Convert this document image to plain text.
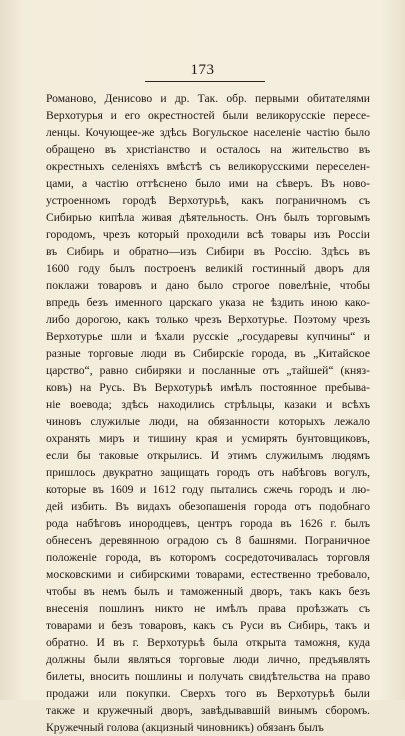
173
Романово, Денисово и др. Так. обр. первыми обитателями
Верхотурья и его окрестностей были великорусскіе пересе-
ленцы. Кочующее-же здѣсь Вогульское населеніе частію было
обращено въ христіанство и осталось на жительство въ
окрестныхъ селеніяхъ вмѣстѣ съ великорусскими переселен-
цами, а частію оттѣснено было ими на сѣверъ. Въ ново-
устроенномъ городѣ Верхотурьѣ, какъ пограничномъ съ
Сибирью кипѣла живая дѣятельность. Онъ былъ торговымъ
городомъ, чрезъ который проходили всѣ товары изъ Россіи
въ Сибирь и обратно—изъ Сибири въ Россію. Здѣсь въ
1600 году былъ построенъ великій гостинный дворъ для
поклажи товаровъ и дано было строгое повелѣніе, чтобы
впредь безъ именного царскаго указа не ѣздить иною како-
либо дорогою, какъ только чрезъ Верхотурье. Поэтому чрезъ
Верхотурье шли и ѣхали русскіе „государевы купчины“ и
разные торговые люди въ Сибирскіе города, въ „Китайское
царство“, равно сибиряки и посланные отъ „тайшей“ (княз-
ковъ) на Русь. Въ Верхотурьѣ имѣлъ постоянное пребыва-
ніе воевода; здѣсь находились стрѣльцы, казаки и всѣхъ
чиновъ служилые люди, на обязанности которыхъ лежало
охранять миръ и тишину края и усмирять бунтовщиковъ,
если бы таковые открылись. И этимъ служилымъ людямъ
пришлось двукратно защищать городъ отъ набѣговъ вогулъ,
которые въ 1609 и 1612 году пытались сжечь городъ и лю-
дей избить. Въ видахъ обезопашенія города отъ подобнаго
рода набѣговъ инородцевъ, центръ города въ 1626 г. былъ
обнесенъ деревянною оградою съ 8 башнями. Пограничное
положеніе города, въ которомъ сосредоточивалась торговля
московскими и сибирскими товарами, естественно требовало,
чтобы въ немъ былъ и таможенный дворъ, такъ какъ безъ
внесенія пошлинъ никто не имѣлъ права проѣзжать съ
товарами и безъ товаровъ, какъ съ Руси въ Сибирь, такъ и
обратно. И въ г. Верхотурьѣ была открыта таможня, куда
должны были являться торговые люди лично, предъявлять
билеты, вносить пошлины и получать свидѣтельства на право
продажи или покупки. Сверхъ того въ Верхотурьѣ были
также и кружечный дворъ, завѣдывавшій винымъ сборомъ.
Кружечный голова (акцизный чиновникъ) обязанъ былъ
